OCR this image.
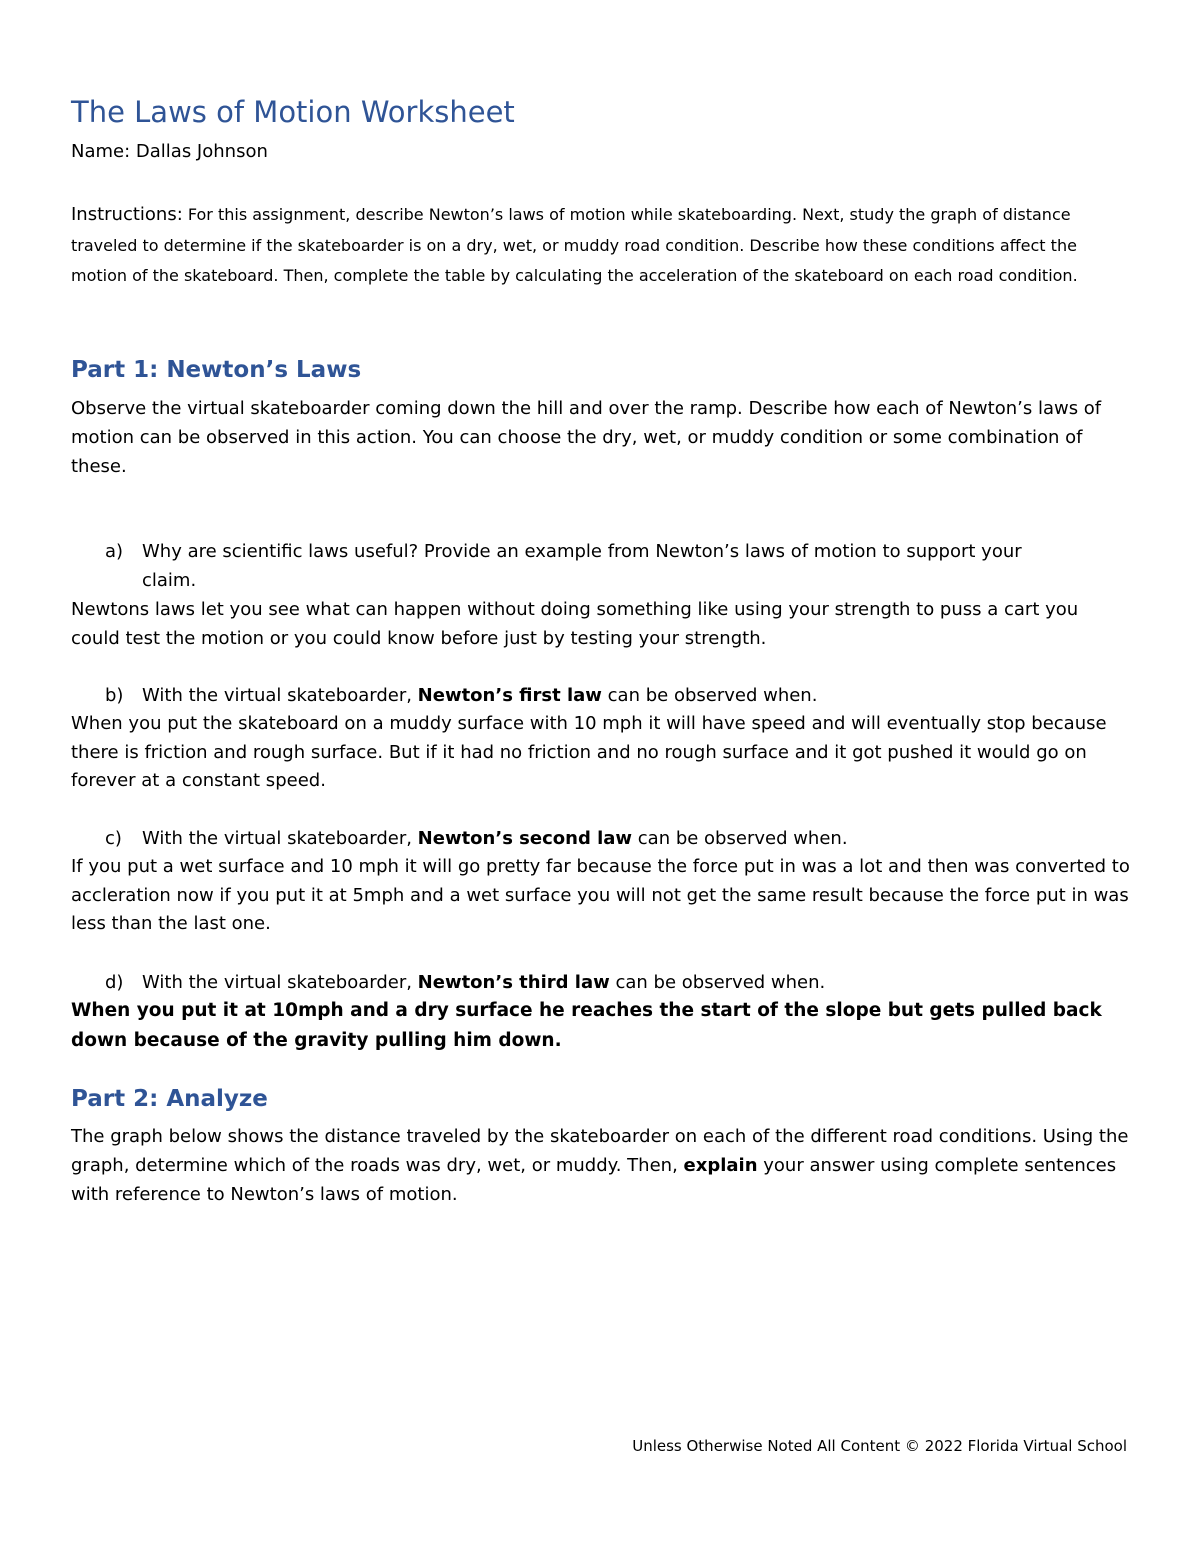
The Laws of Motion Worksheet
Name: Dallas Johnson
Instructions: For this assignment, describe Newton’s laws of motion while skateboarding. Next, study the graph of distance traveled to determine if the skateboarder is on a dry, wet, or muddy road condition. Describe how these conditions affect the motion of the skateboard. Then, complete the table by calculating the acceleration of the skateboard on each road condition.
Part 1: Newton’s Laws
Observe the virtual skateboarder coming down the hill and over the ramp. Describe how each of Newton’s laws of motion can be observed in this action. You can choose the dry, wet, or muddy condition or some combination of these.
a) Why are scientific laws useful? Provide an example from Newton’s laws of motion to support your
claim.
Newtons laws let you see what can happen without doing something like using your strength to puss a cart you could test the motion or you could know before just by testing your strength.
b) With the virtual skateboarder, Newton’s first law can be observed when.
When you put the skateboard on a muddy surface with 10 mph it will have speed and will eventually stop because there is friction and rough surface. But if it had no friction and no rough surface and it got pushed it would go on forever at a constant speed.
c) With the virtual skateboarder, Newton’s second law can be observed when.
If you put a wet surface and 10 mph it will go pretty far because the force put in was a lot and then was converted to accleration now if you put it at 5mph and a wet surface you will not get the same result because the force put in was less than the last one.
d) With the virtual skateboarder, Newton’s third law can be observed when.
When you put it at 10mph and a dry surface he reaches the start of the slope but gets pulled back down because of the gravity pulling him down.
Part 2: Analyze
The graph below shows the distance traveled by the skateboarder on each of the different road conditions. Using the graph, determine which of the roads was dry, wet, or muddy. Then, explain your answer using complete sentences with reference to Newton’s laws of motion.
Unless Otherwise Noted All Content © 2022 Florida Virtual School
